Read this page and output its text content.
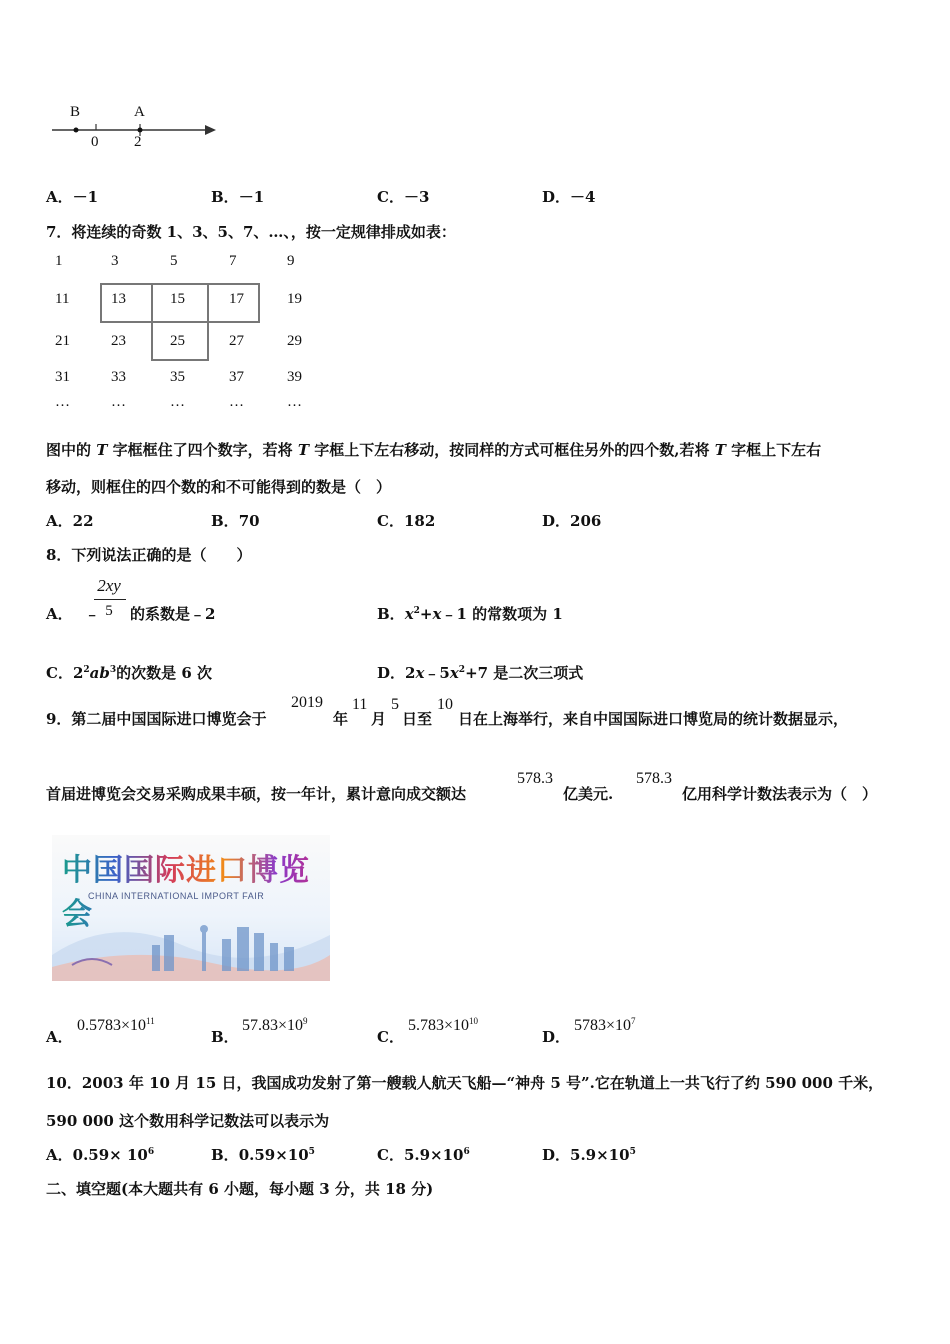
B	A
0 2
A．－1	B．－1	C．－3	D．－4
7．将连续的奇数 1、3、5、7、…、，按一定规律排成如表：
1	3	5	7	9
11	13	15	17	19
21	23	25	27	29
31	33	35	37	39
…	…	…	…	…
图中的 T 字框框住了四个数字，若将 T 字框上下左右移动，按同样的方式可框住另外的四个数,若将 T 字框上下左右
移动，则框住的四个数的和不可能得到的数是（　）
A．22	B．70	C．182	D．206
8．下列说法正确的是（　　）
A． ﹣
2xy
5	的系数是﹣2	B．$x^2+x﹣1$ 的常数项为 1
C．$2^2ab^3$的次数是 6 次	D．$2x﹣5x^2+7$ 是二次三项式
9．第二届中国国际进口博览会于
2019
年
11
月
5
日至
10
日在上海举行，来自中国国际进口博览局的统计数据显示，
首届进博览会交易采购成果丰硕，按一年计，累计意向成交额达
578.3
亿美元.
578.3
亿用科学计数法表示为（　）
中国国际进口博览会
CHINA INTERNATIONAL IMPORT FAIR
A．
$0.5783\times 10^{11}$
B．
$57.83\times 10^9$
C．
$5.783\times 10^{10}$
D．
$5783\times 10^7$
10．2003 年 10 月 15 日，我国成功发射了第一艘载人航天飞船—“神舟 5 号”.它在轨道上一共飞行了约 590 000 千米，
590 000 这个数用科学记数法可以表示为
A．$0.59\times 10^6$	B．$0.59\times 10^5$	C．$5.9\times 10^6$	D．$5.9\times 10^5$
二、填空题(本大题共有 6 小题，每小题 3 分，共 18 分)
